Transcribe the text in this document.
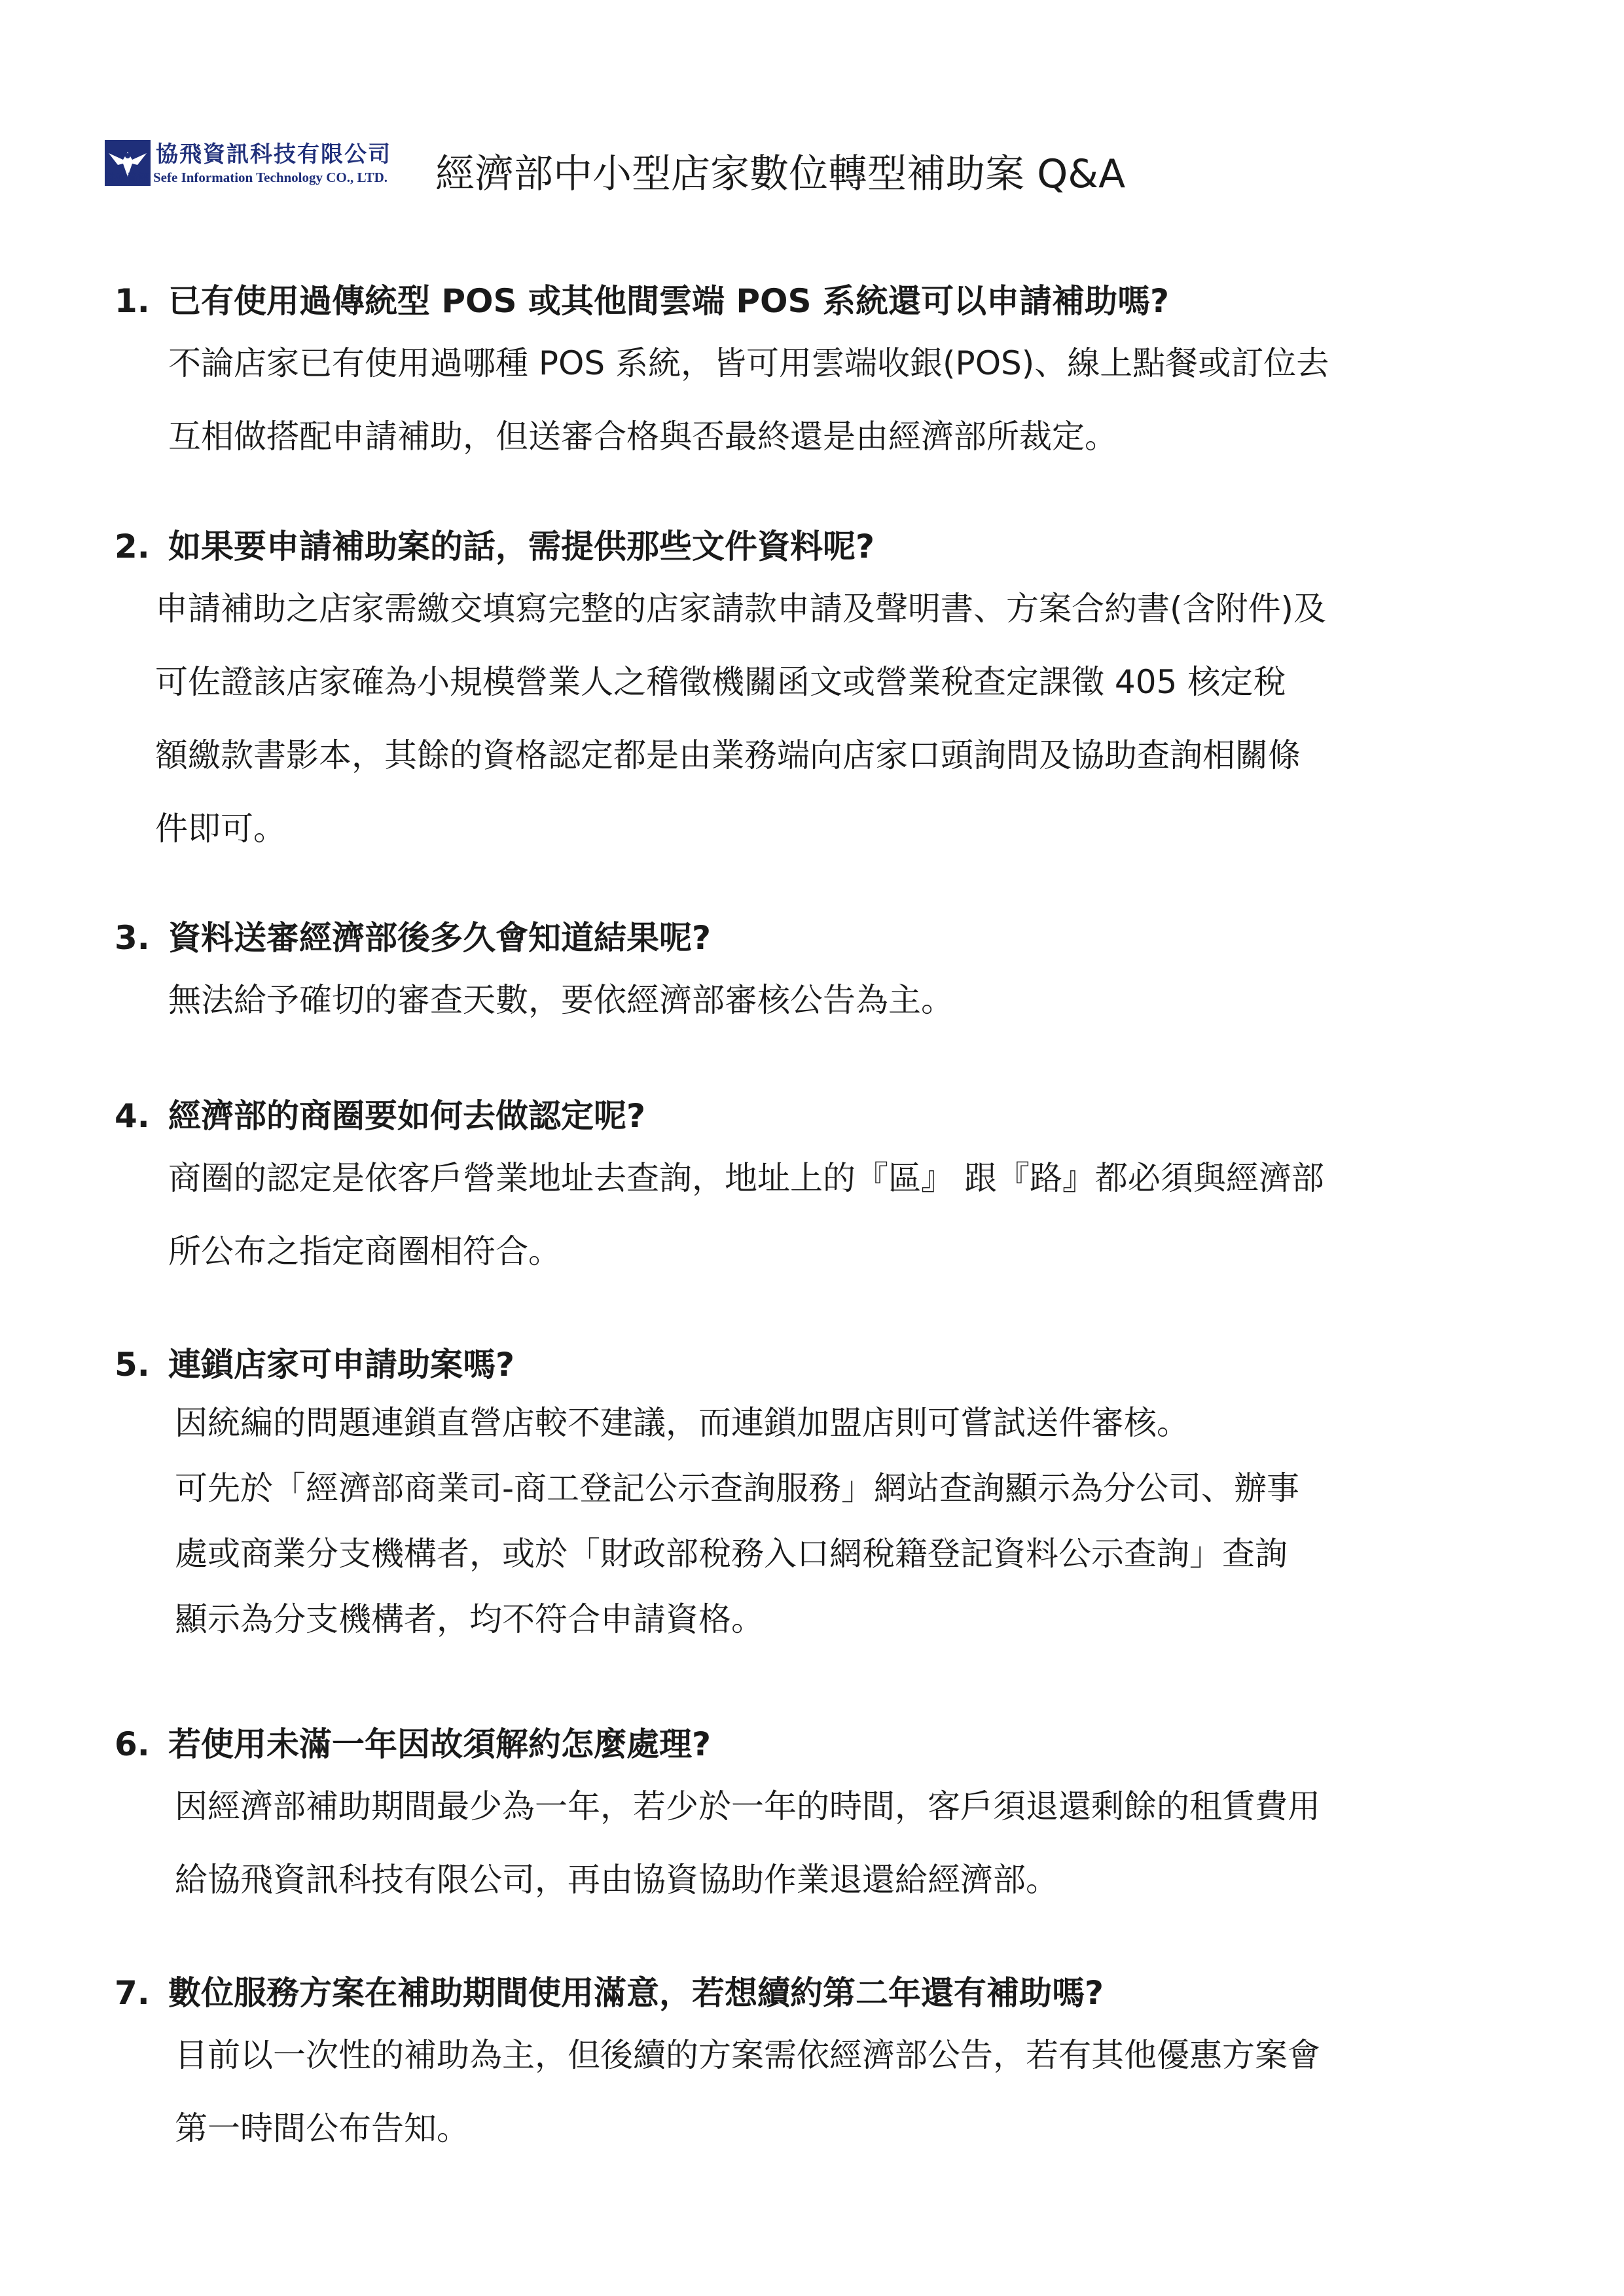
協飛資訊科技有限公司
協飛資訊 Sefe Information Technology CO., LTD. 經濟部中小型店家數位轉型補助案 Q&A
1. 已有使用過傳統型 POS 或其他間雲端 POS 系統還可以申請補助嗎?

不論店家已有使用過哪種 POS 系統，皆可用雲端收銀(POS)、線上點餐或訂位去

互相做搭配申請補助，但送審合格與否最終還是由經濟部所裁定。

2. 如果要申請補助案的話，需提供那些文件資料呢?

申請補助之店家需繳交填寫完整的店家請款申請及聲明書、方案合約書(含附件)及

可佐證該店家確為小規模營業人之稽徵機關函文或營業稅查定課徵 405 核定稅

額繳款書影本，其餘的資格認定都是由業務端向店家口頭詢問及協助查詢相關條

件即可。

3. 資料送審經濟部後多久會知道結果呢?

無法給予確切的審查天數，要依經濟部審核公告為主。

4. 經濟部的商圈要如何去做認定呢?

商圈的認定是依客戶營業地址去查詢，地址上的『區』 跟『路』都必須與經濟部

所公布之指定商圈相符合。

5. 連鎖店家可申請助案嗎?

因統編的問題連鎖直營店較不建議，而連鎖加盟店則可嘗試送件審核。

可先於「經濟部商業司-商工登記公示查詢服務」網站查詢顯示為分公司、辦事

處或商業分支機構者，或於「財政部稅務入口網稅籍登記資料公示查詢」查詢

顯示為分支機構者，均不符合申請資格。

6. 若使用未滿一年因故須解約怎麼處理?

因經濟部補助期間最少為一年，若少於一年的時間，客戶須退還剩餘的租賃費用

給協飛資訊科技有限公司，再由協資協助作業退還給經濟部。

7. 數位服務方案在補助期間使用滿意，若想續約第二年還有補助嗎?

目前以一次性的補助為主，但後續的方案需依經濟部公告，若有其他優惠方案會

第一時間公布告知。
